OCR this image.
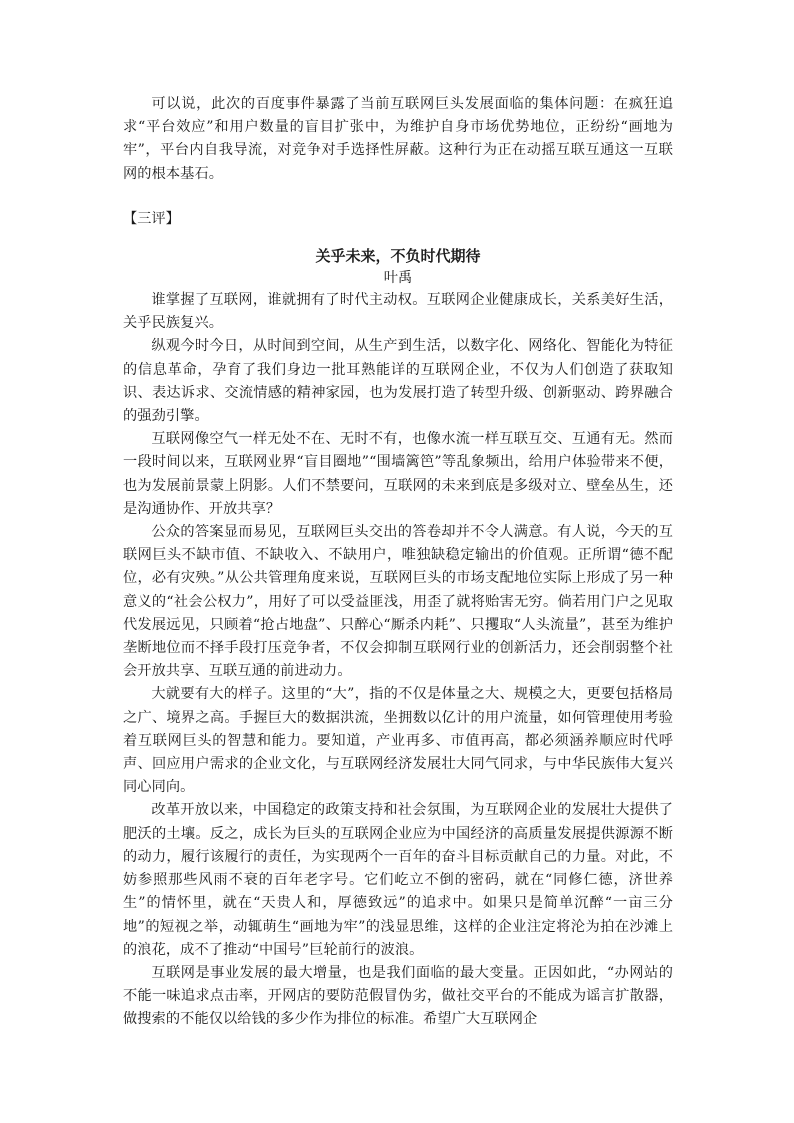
可以说，此次的百度事件暴露了当前互联网巨头发展面临的集体问题：在疯狂追求“平台效应”和用户数量的盲目扩张中，为维护自身市场优势地位，正纷纷“画地为牢”，平台内自我导流，对竞争对手选择性屏蔽。这种行为正在动摇互联互通这一互联网的根本基石。

【三评】

关乎未来，不负时代期待

叶禹

谁掌握了互联网，谁就拥有了时代主动权。互联网企业健康成长，关系美好生活，关乎民族复兴。

纵观今时今日，从时间到空间，从生产到生活，以数字化、网络化、智能化为特征的信息革命，孕育了我们身边一批耳熟能详的互联网企业，不仅为人们创造了获取知识、表达诉求、交流情感的精神家园，也为发展打造了转型升级、创新驱动、跨界融合的强劲引擎。

互联网像空气一样无处不在、无时不有，也像水流一样互联互交、互通有无。然而一段时间以来，互联网业界“盲目圈地”“围墙篱笆”等乱象频出，给用户体验带来不便，也为发展前景蒙上阴影。人们不禁要问，互联网的未来到底是多级对立、壁垒丛生，还是沟通协作、开放共享？

公众的答案显而易见，互联网巨头交出的答卷却并不令人满意。有人说，今天的互联网巨头不缺市值、不缺收入、不缺用户，唯独缺稳定输出的价值观。正所谓“德不配位，必有灾殃。”从公共管理角度来说，互联网巨头的市场支配地位实际上形成了另一种意义的“社会公权力”，用好了可以受益匪浅，用歪了就将贻害无穷。倘若用门户之见取代发展远见，只顾着“抢占地盘”、只醉心“厮杀内耗”、只攫取“人头流量”，甚至为维护垄断地位而不择手段打压竞争者，不仅会抑制互联网行业的创新活力，还会削弱整个社会开放共享、互联互通的前进动力。

大就要有大的样子。这里的“大”，指的不仅是体量之大、规模之大，更要包括格局之广、境界之高。手握巨大的数据洪流，坐拥数以亿计的用户流量，如何管理使用考验着互联网巨头的智慧和能力。要知道，产业再多、市值再高，都必须涵养顺应时代呼声、回应用户需求的企业文化，与互联网经济发展壮大同气同求，与中华民族伟大复兴同心同向。

改革开放以来，中国稳定的政策支持和社会氛围，为互联网企业的发展壮大提供了肥沃的土壤。反之，成长为巨头的互联网企业应为中国经济的高质量发展提供源源不断的动力，履行该履行的责任，为实现两个一百年的奋斗目标贡献自己的力量。对此，不妨参照那些风雨不衰的百年老字号。它们屹立不倒的密码，就在“同修仁德，济世养生”的情怀里，就在“天贵人和，厚德致远”的追求中。如果只是简单沉醉“一亩三分地”的短视之举，动辄萌生“画地为牢”的浅显思维，这样的企业注定将沦为拍在沙滩上的浪花，成不了推动“中国号”巨轮前行的波浪。

互联网是事业发展的最大增量，也是我们面临的最大变量。正因如此，“办网站的不能一味追求点击率，开网店的要防范假冒伪劣，做社交平台的不能成为谣言扩散器，做搜索的不能仅以给钱的多少作为排位的标准。希望广大互联网企
